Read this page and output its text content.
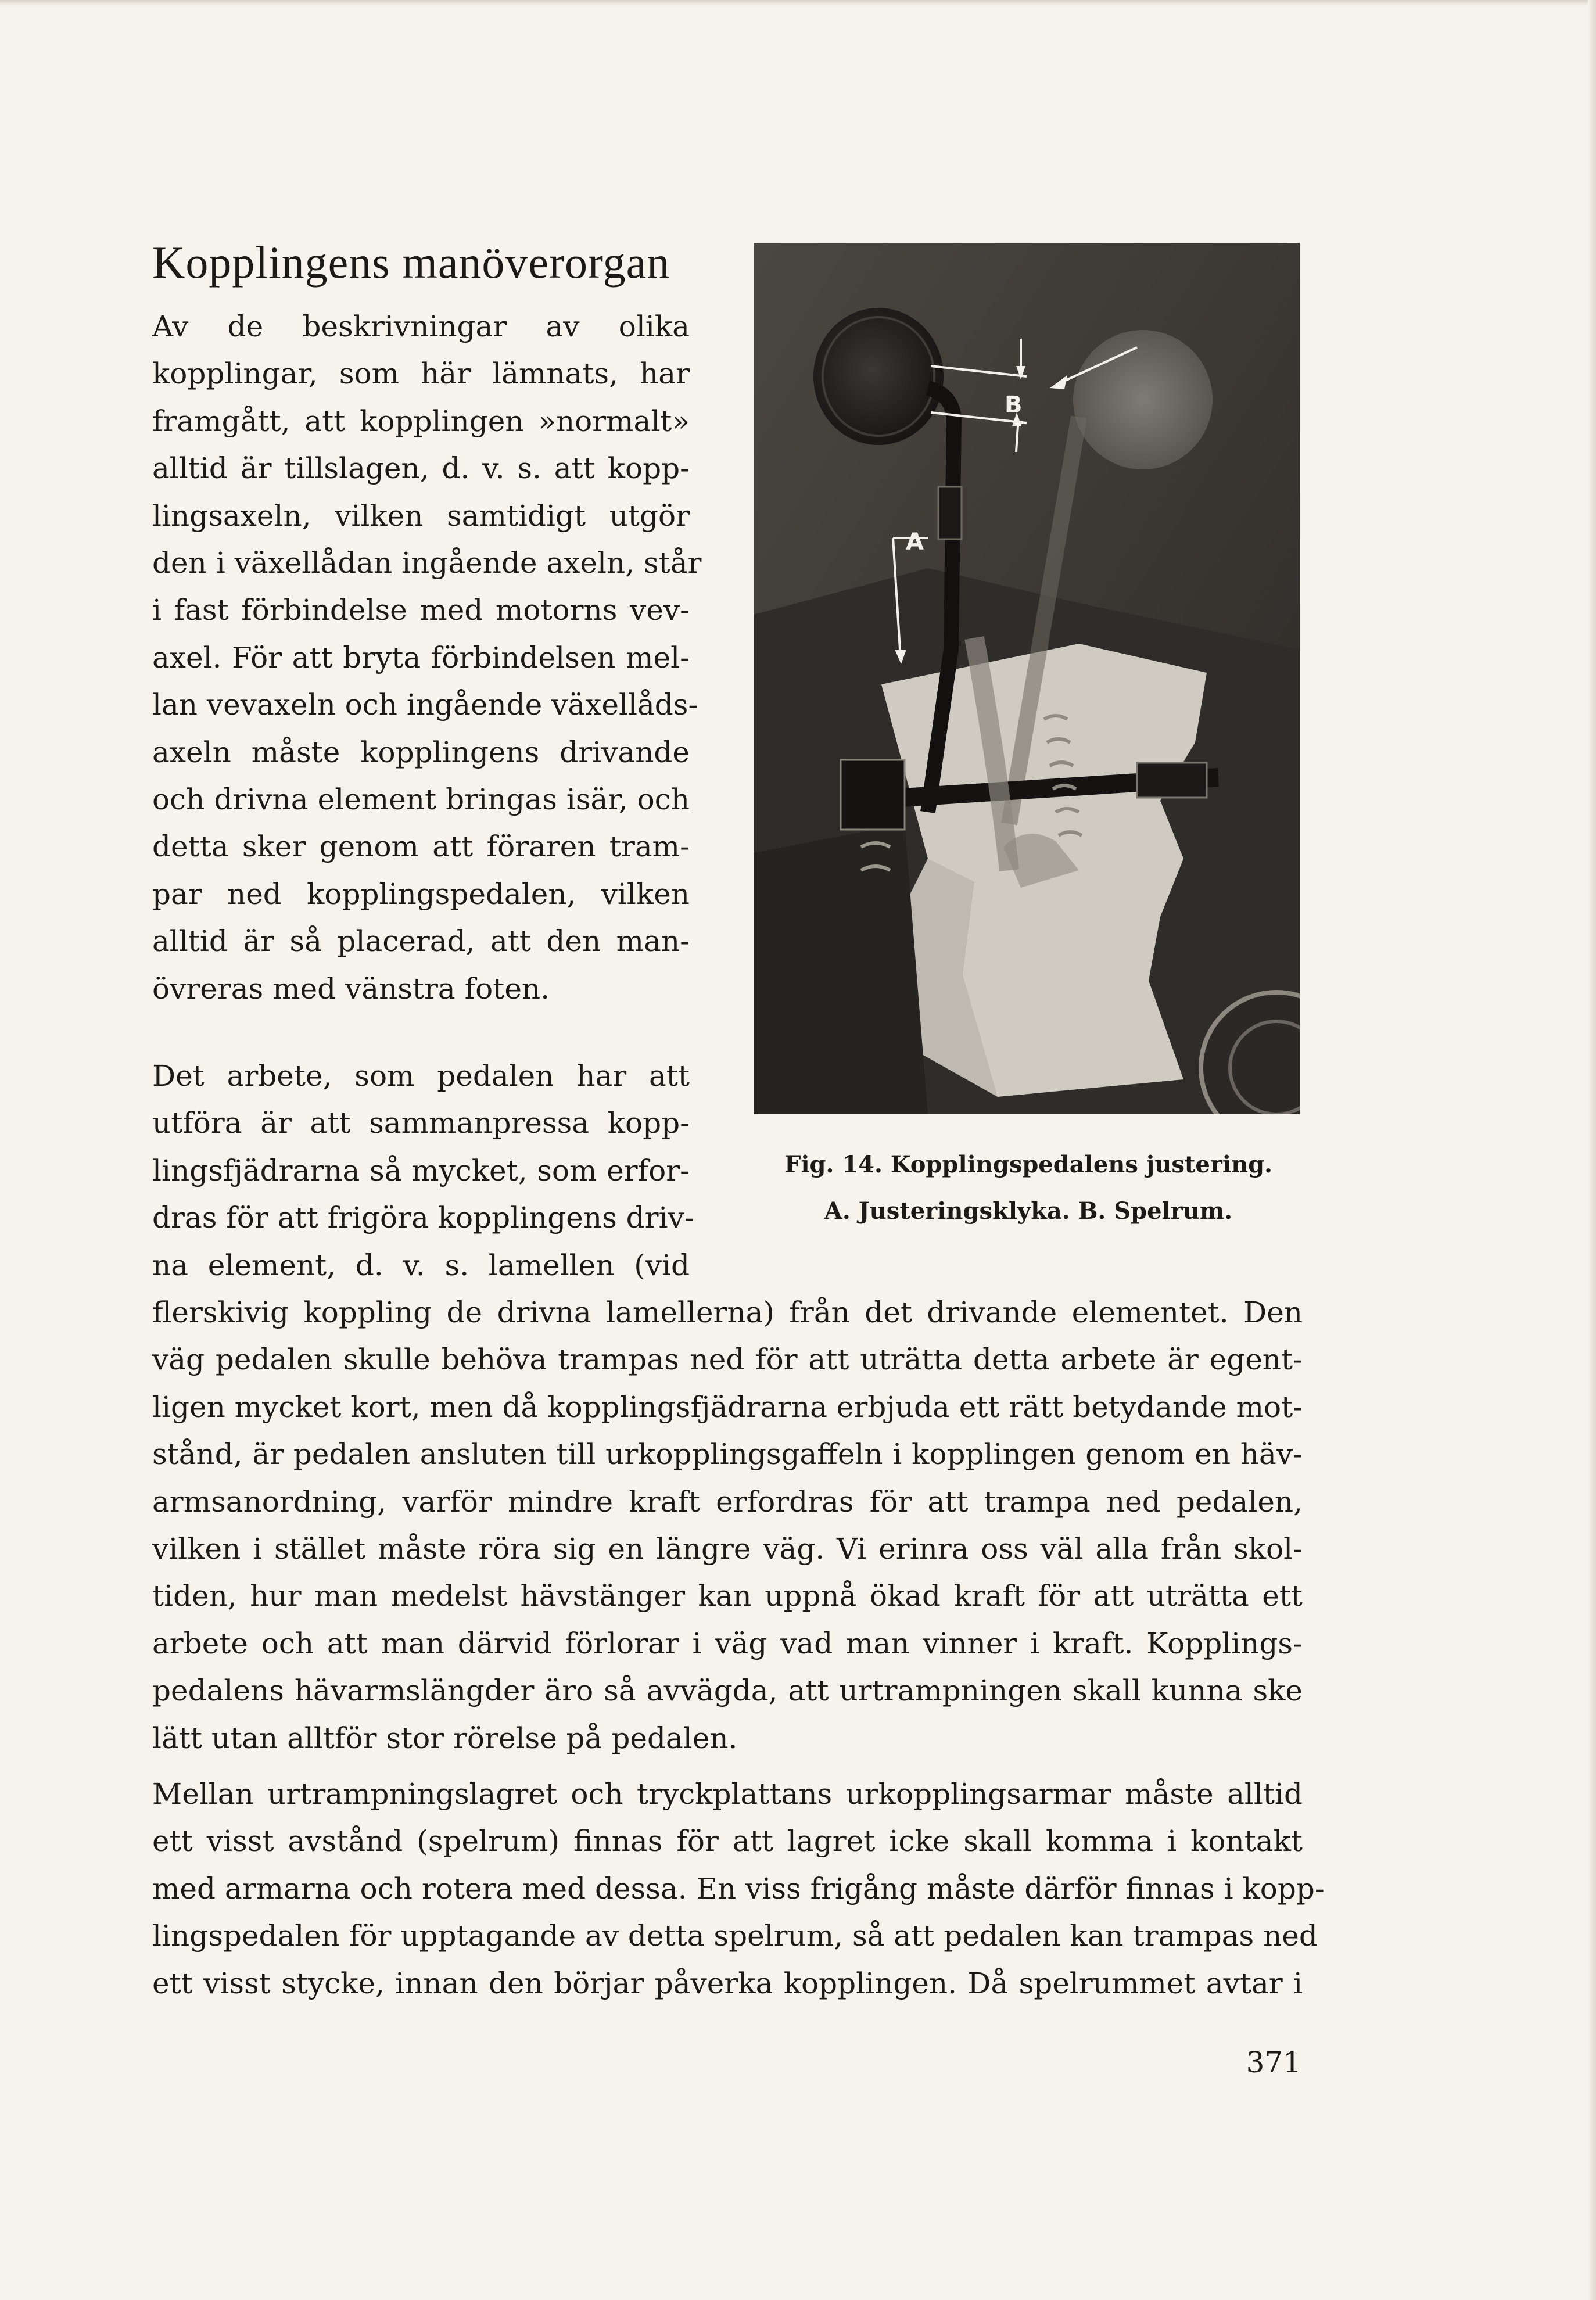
Kopplingens manöverorgan
Av de beskrivningar av olika
kopplingar, som här lämnats, har
framgått, att kopplingen »normalt»
alltid är tillslagen, d. v. s. att kopp-
lingsaxeln, vilken samtidigt utgör
den i växellådan ingående axeln, står
i fast förbindelse med motorns vev-
axel. För att bryta förbindelsen mel-
lan vevaxeln och ingående växellåds-
axeln måste kopplingens drivande
och drivna element bringas isär, och
detta sker genom att föraren tram-
par ned kopplingspedalen, vilken
alltid är så placerad, att den man-
övreras med vänstra foten.
Det arbete, som pedalen har att
utföra är att sammanpressa kopp-
lingsfjädrarna så mycket, som erfor-
dras för att frigöra kopplingens driv-
na element, d. v. s. lamellen (vid
flerskivig koppling de drivna lamellerna) från det drivande elementet. Den
väg pedalen skulle behöva trampas ned för att uträtta detta arbete är egent-
ligen mycket kort, men då kopplingsfjädrarna erbjuda ett rätt betydande mot-
stånd, är pedalen ansluten till urkopplingsgaffeln i kopplingen genom en häv-
armsanordning, varför mindre kraft erfordras för att trampa ned pedalen,
vilken i stället måste röra sig en längre väg. Vi erinra oss väl alla från skol-
tiden, hur man medelst hävstänger kan uppnå ökad kraft för att uträtta ett
arbete och att man därvid förlorar i väg vad man vinner i kraft. Kopplings-
pedalens hävarmslängder äro så avvägda, att urtrampningen skall kunna ske
lätt utan alltför stor rörelse på pedalen.
Mellan urtrampningslagret och tryckplattans urkopplingsarmar måste alltid
ett visst avstånd (spelrum) finnas för att lagret icke skall komma i kontakt
med armarna och rotera med dessa. En viss frigång måste därför finnas i kopp-
lingspedalen för upptagande av detta spelrum, så att pedalen kan trampas ned
ett visst stycke, innan den börjar påverka kopplingen. Då spelrummet avtar i
B
A
Fig. 14. Kopplingspedalens justering.
A. Justeringsklyka. B. Spelrum.
371
